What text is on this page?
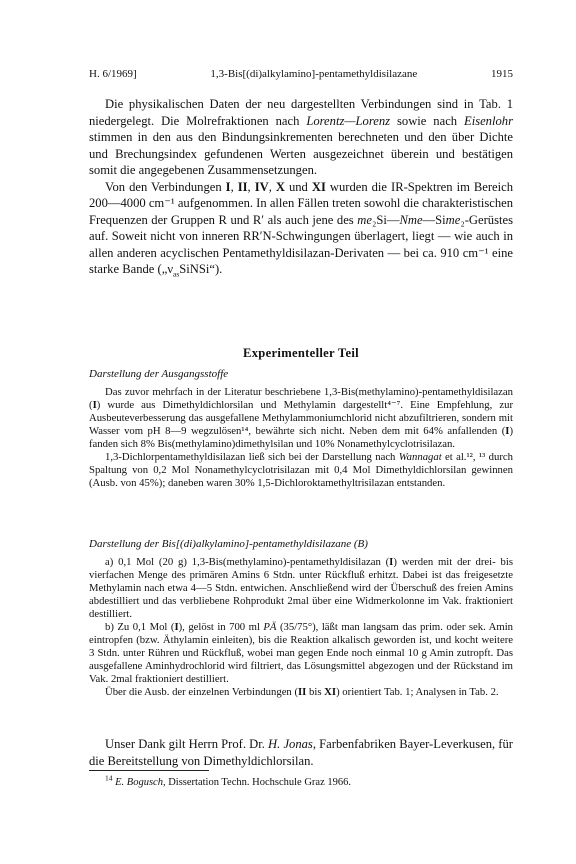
H. 6/1969]	1,3-Bis[(di)alkylamino]-pentamethyldisilazane	1915

Die physikalischen Daten der neu dargestellten Verbindungen sind in Tab. 1 niedergelegt. Die Molrefraktionen nach Lorentz—Lorenz sowie nach Eisenlohr stimmen in den aus den Bindungsinkrementen berechneten und den über Dichte und Brechungsindex gefundenen Werten ausgezeichnet überein und bestätigen somit die angegebenen Zusammensetzungen.

Von den Verbindungen I, II, IV, X und XI wurden die IR-Spektren im Bereich 200—4000 cm⁻¹ aufgenommen. In allen Fällen treten sowohl die charakteristischen Frequenzen der Gruppen R und R′ als auch jene des me₂Si—Nme—Sime₂-Gerüstes auf. Soweit nicht von inneren RR′N-Schwingungen überlagert, liegt — wie auch in allen anderen acyclischen Pentamethyldisilazan-Derivaten — bei ca. 910 cm⁻¹ eine starke Bande $(„\nu_{as}SiNSi“)$.

Experimenteller Teil
Darstellung der Ausgangsstoffe

Das zuvor mehrfach in der Literatur beschriebene 1,3-Bis(methylamino)-pentamethyldisilazan (I) wurde aus Dimethyldichlorsilan und Methylamin dargestellt⁴⁻⁷. Eine Empfehlung, zur Ausbeuteverbesserung das ausgefallene Methylammoniumchlorid nicht abzufiltrieren, sondern mit Wasser vom pH 8—9 wegzulösen¹⁴, bewährte sich nicht. Neben dem mit 64% anfallenden (I) fanden sich 8% Bis(methylamino)dimethylsilan und 10% Nonamethylcyclotrisilazan.

1,3-Dichlorpentamethyldisilazan ließ sich bei der Darstellung nach Wannagat et al.¹², ¹³ durch Spaltung von 0,2 Mol Nonamethylcyclotrisilazan mit 0,4 Mol Dimethyldichlorsilan gewinnen (Ausb. von 45%); daneben waren 30% 1,5-Dichloroktamethyltrisilazan entstanden.

Darstellung der Bis[(di)alkylamino]-pentamethyldisilazane (B)

a) 0,1 Mol (20 g) 1,3-Bis(methylamino)-pentamethyldisilazan (I) werden mit der drei- bis vierfachen Menge des primären Amins 6 Stdn. unter Rückfluß erhitzt. Dabei ist das freigesetzte Methylamin nach etwa 4—5 Stdn. entwichen. Anschließend wird der Überschuß des freien Amins abdestilliert und das verbliebene Rohprodukt 2mal über eine Widmerkolonne im Vak. fraktioniert destilliert.

b) Zu 0,1 Mol (I), gelöst in 700 ml PÄ (35/75°), läßt man langsam das prim. oder sek. Amin eintropfen (bzw. Äthylamin einleiten), bis die Reaktion alkalisch geworden ist, und kocht weitere 3 Stdn. unter Rühren und Rückfluß, wobei man gegen Ende noch einmal 10 g Amin zutropft. Das ausgefallene Aminhydrochlorid wird filtriert, das Lösungsmittel abgezogen und der Rückstand im Vak. 2mal fraktioniert destilliert.

Über die Ausb. der einzelnen Verbindungen (II bis XI) orientiert Tab. 1; Analysen in Tab. 2.

Unser Dank gilt Herrn Prof. Dr. H. Jonas, Farbenfabriken Bayer-Leverkusen, für die Bereitstellung von Dimethyldichlorsilan.

$^{14}$ E. Bogusch, Dissertation Techn. Hochschule Graz 1966.
